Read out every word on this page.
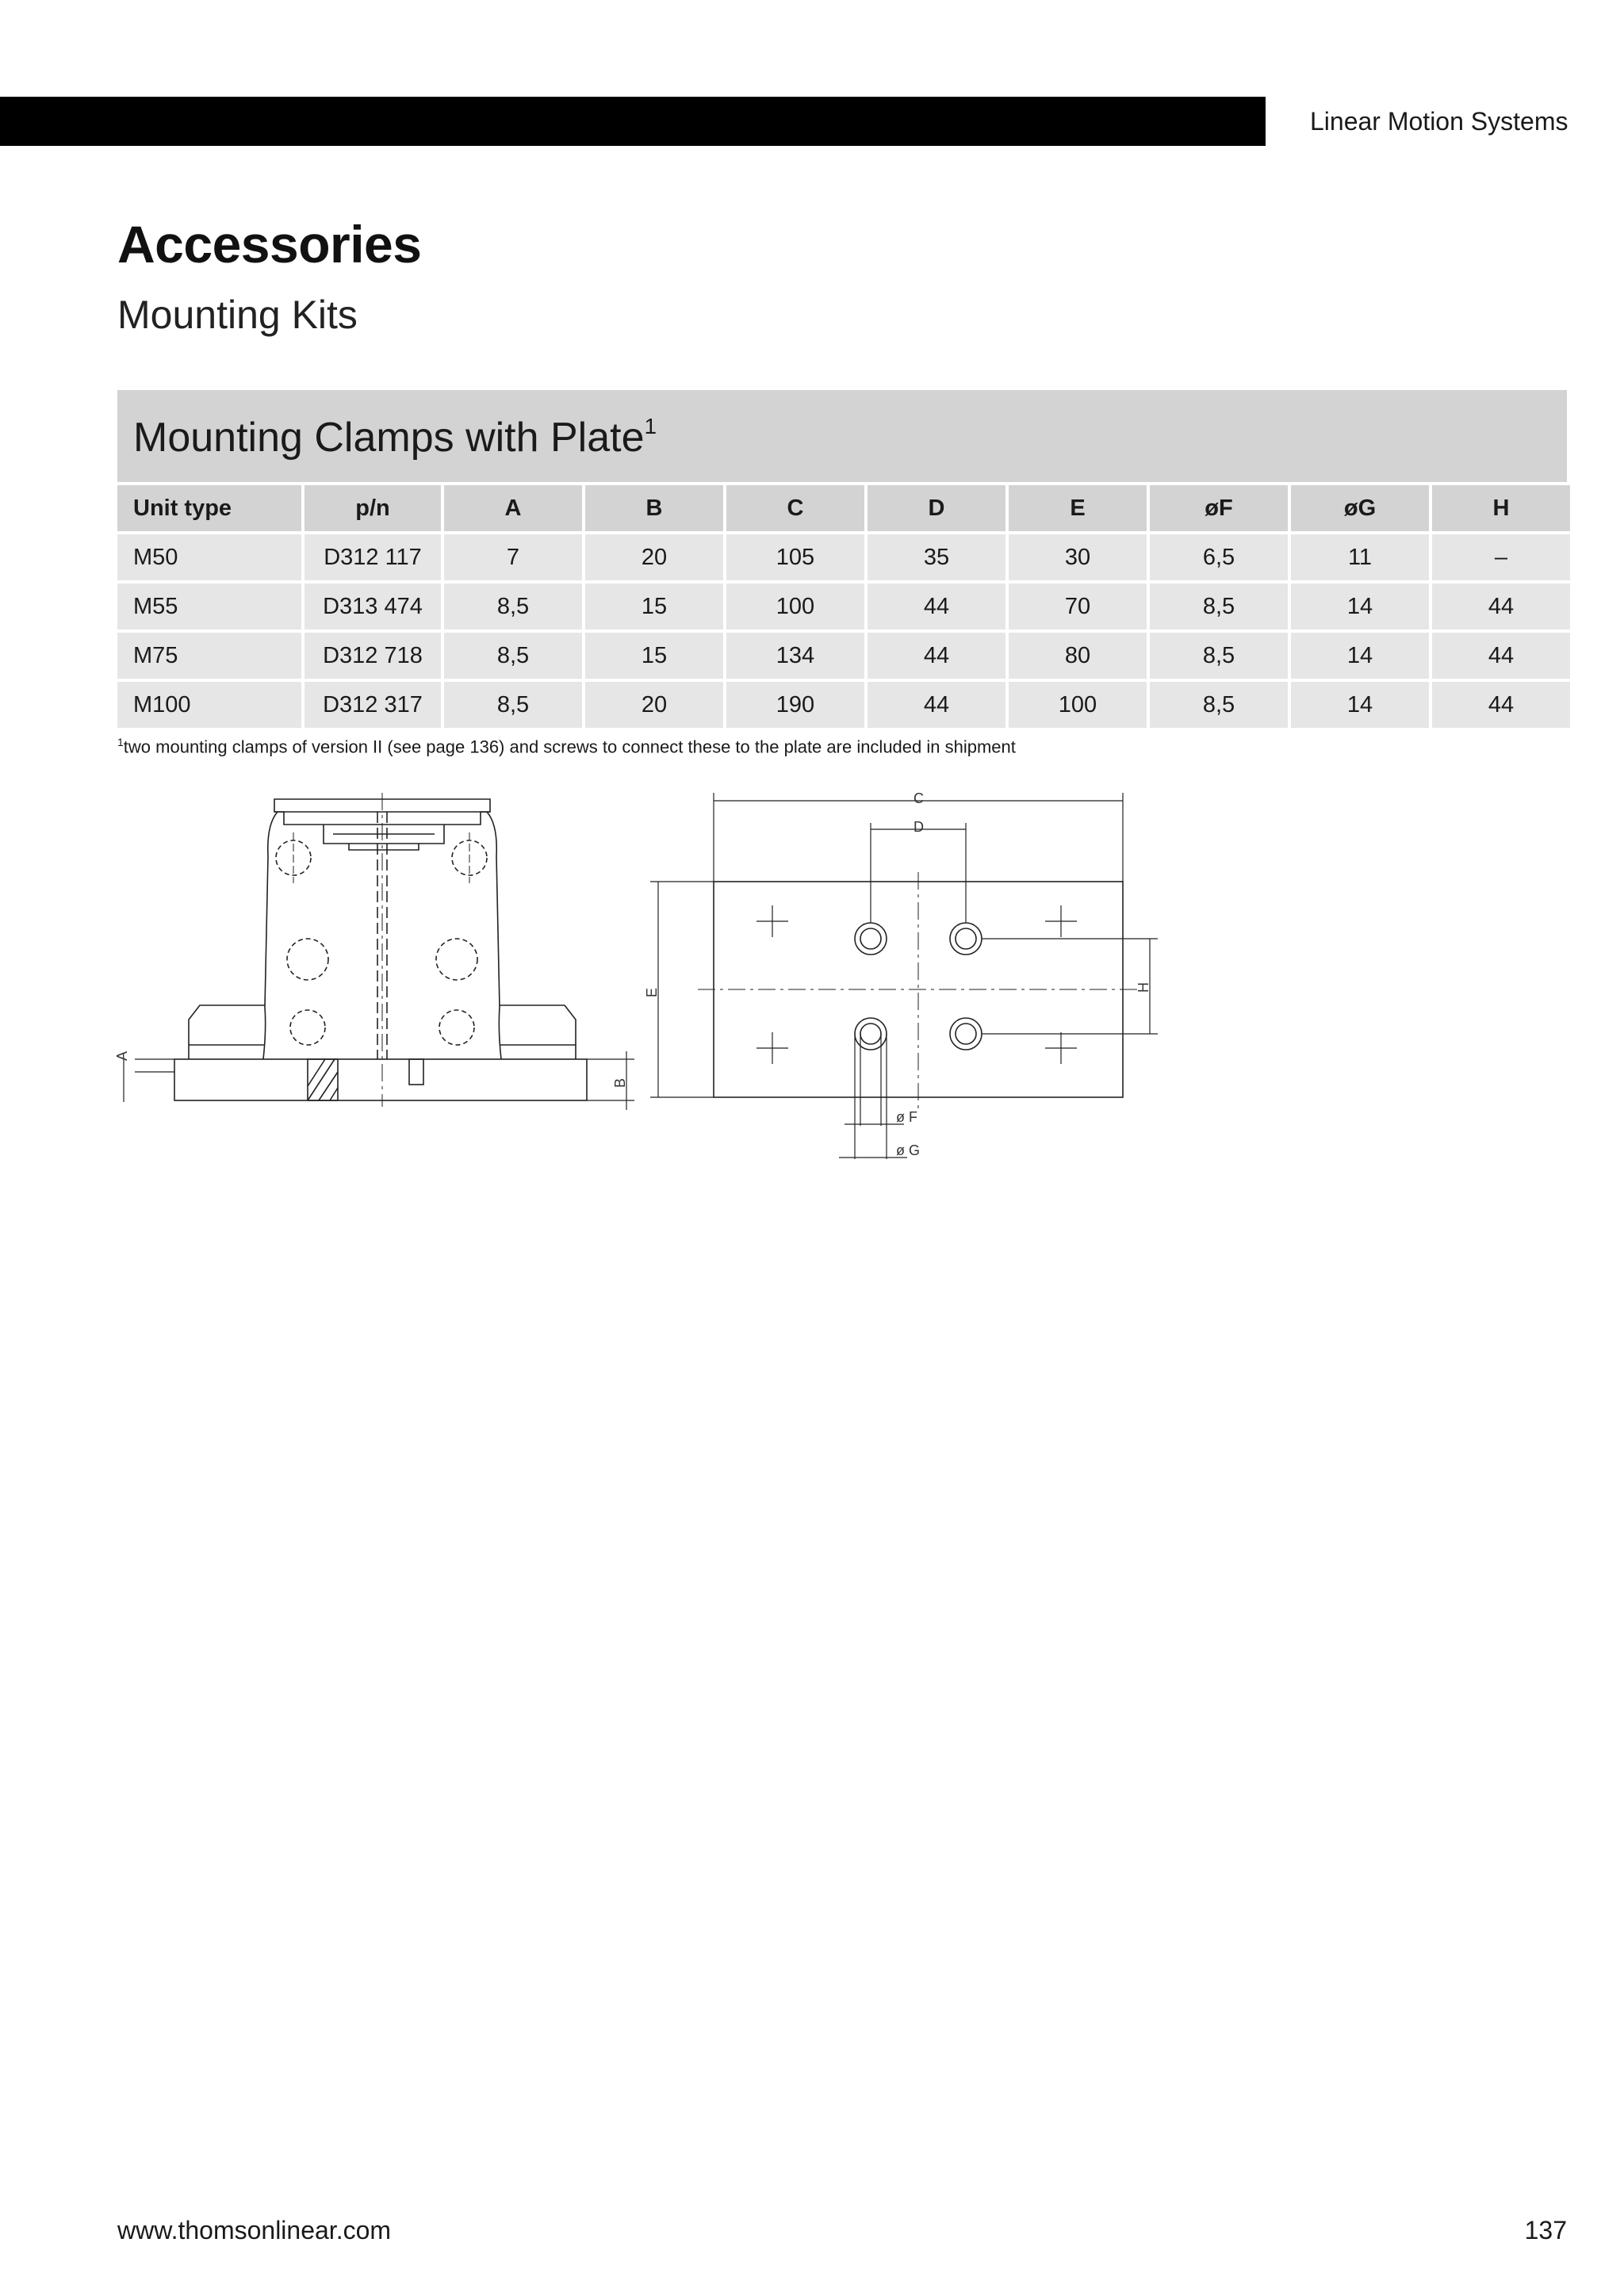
Linear Motion Systems
Accessories
Mounting Kits
Mounting Clamps with Plate$^1$
Unit type	p/n	A	B	C	D	E	øF	øG	H
M50	D312 117	7	20	105	35	30	6,5	11	–
M55	D313 474	8,5	15	100	44	70	8,5	14	44
M75	D312 718	8,5	15	134	44	80	8,5	14	44
M100	D312 317	8,5	20	190	44	100	8,5	14	44
$^1$two mounting clamps of version II (see page 136) and screws to connect these to the plate are included in shipment
A
B
C
D
E	H
ø F
ø G
www.thomsonlinear.com	137
